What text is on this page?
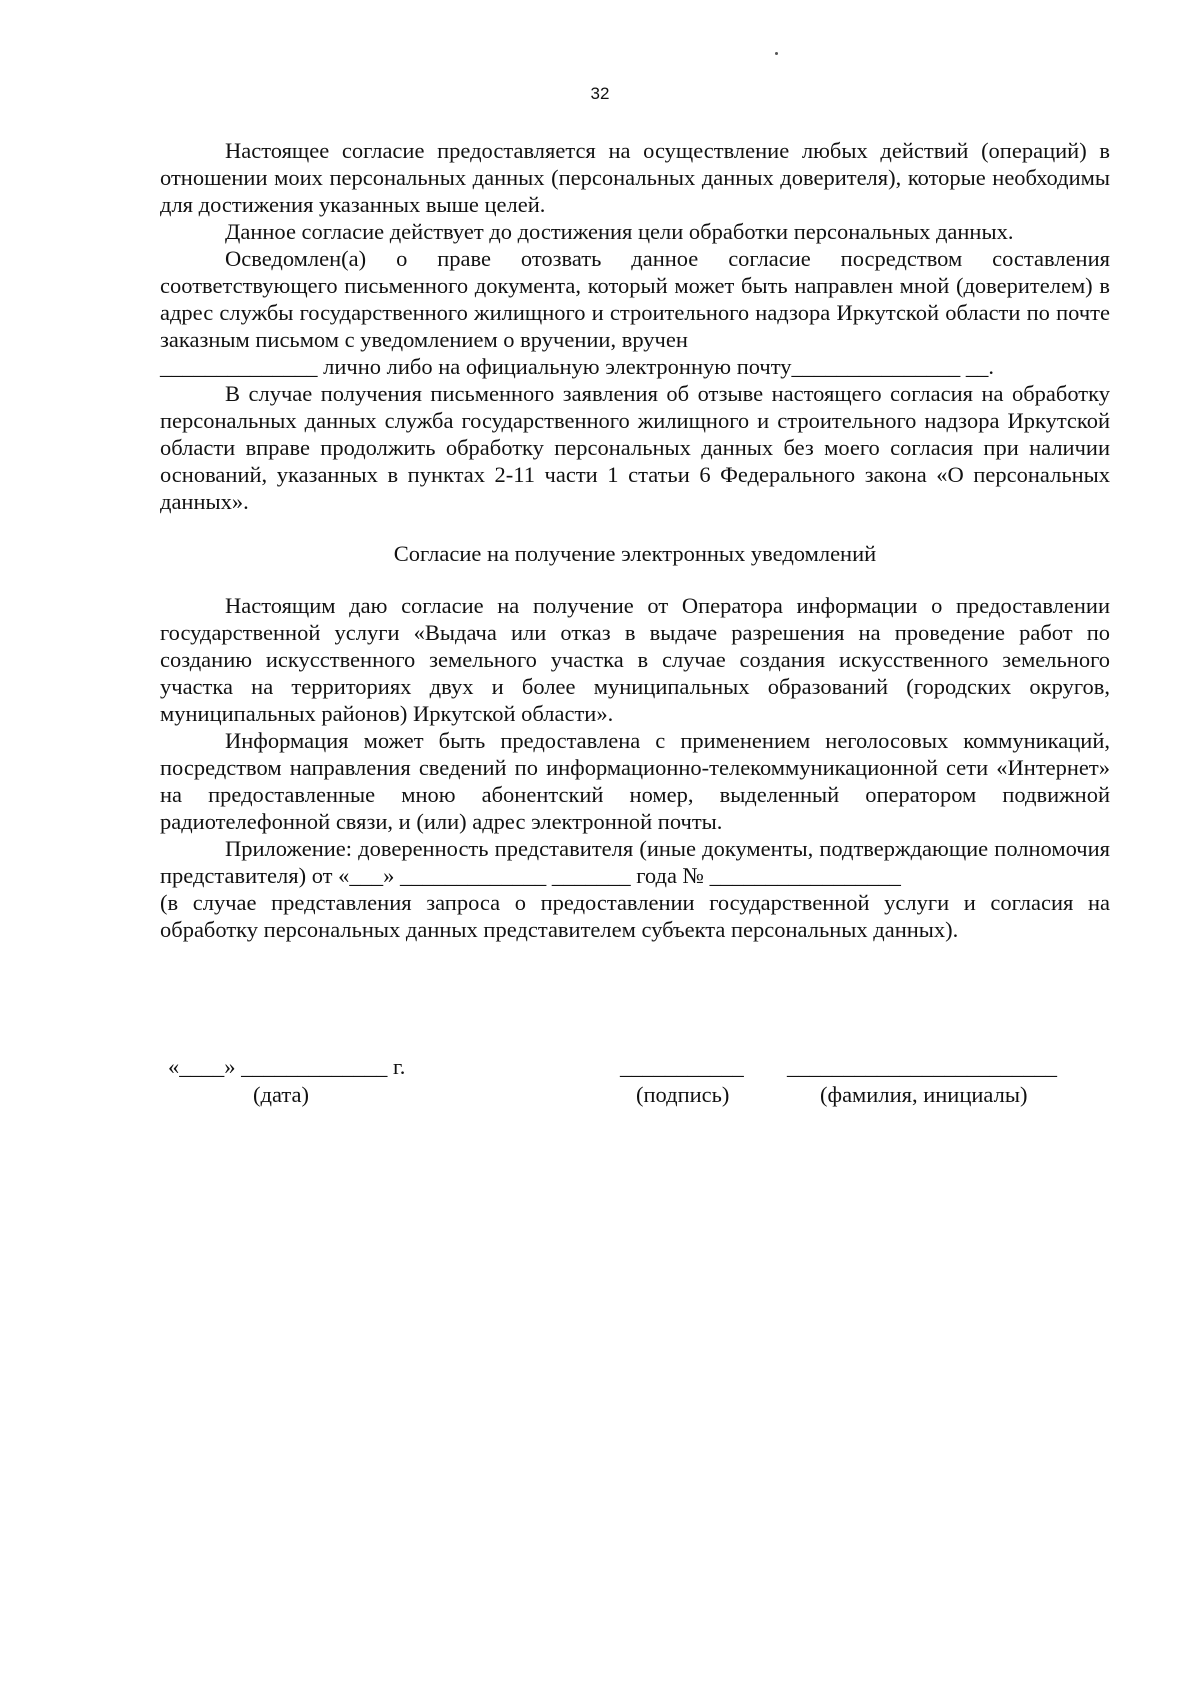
32

Настоящее согласие предоставляется на осуществление любых действий (операций) в отношении моих персональных данных (персональных данных доверителя), которые необходимы для достижения указанных выше целей.

Данное согласие действует до достижения цели обработки персональных данных.

Осведомлен(а) о праве отозвать данное согласие посредством составления соответствующего письменного документа, который может быть направлен мной (доверителем) в адрес службы государственного жилищного и строительного надзора Иркутской области по почте заказным письмом с уведомлением о вручении, вручен

______________ лично либо на официальную электронную почту_______________ __.

В случае получения письменного заявления об отзыве настоящего согласия на обработку персональных данных служба государственного жилищного и строительного надзора Иркутской области вправе продолжить обработку персональных данных без моего согласия при наличии оснований, указанных в пунктах 2-11 части 1 статьи 6 Федерального закона «О персональных данных».

Согласие на получение электронных уведомлений

Настоящим даю согласие на получение от Оператора информации о предоставлении государственной услуги «Выдача или отказ в выдаче разрешения на проведение работ по созданию искусственного земельного участка в случае создания искусственного земельного участка на территориях двух и более муниципальных образований (городских округов, муниципальных районов) Иркутской области».

Информация может быть предоставлена с применением неголосовых коммуникаций, посредством направления сведений по информационно-телекоммуникационной сети «Интернет» на предоставленные мною абонентский номер, выделенный оператором подвижной радиотелефонной связи, и (или) адрес электронной почты.

Приложение: доверенность представителя (иные документы, подтверждающие полномочия представителя) от «___» _____________ _______ года № _________________

(в случае представления запроса о предоставлении государственной услуги и согласия на обработку персональных данных представителем субъекта персональных данных).

«____» _____________ г.	___________ ________________________
(дата)	(подпись)	(фамилия, инициалы)
